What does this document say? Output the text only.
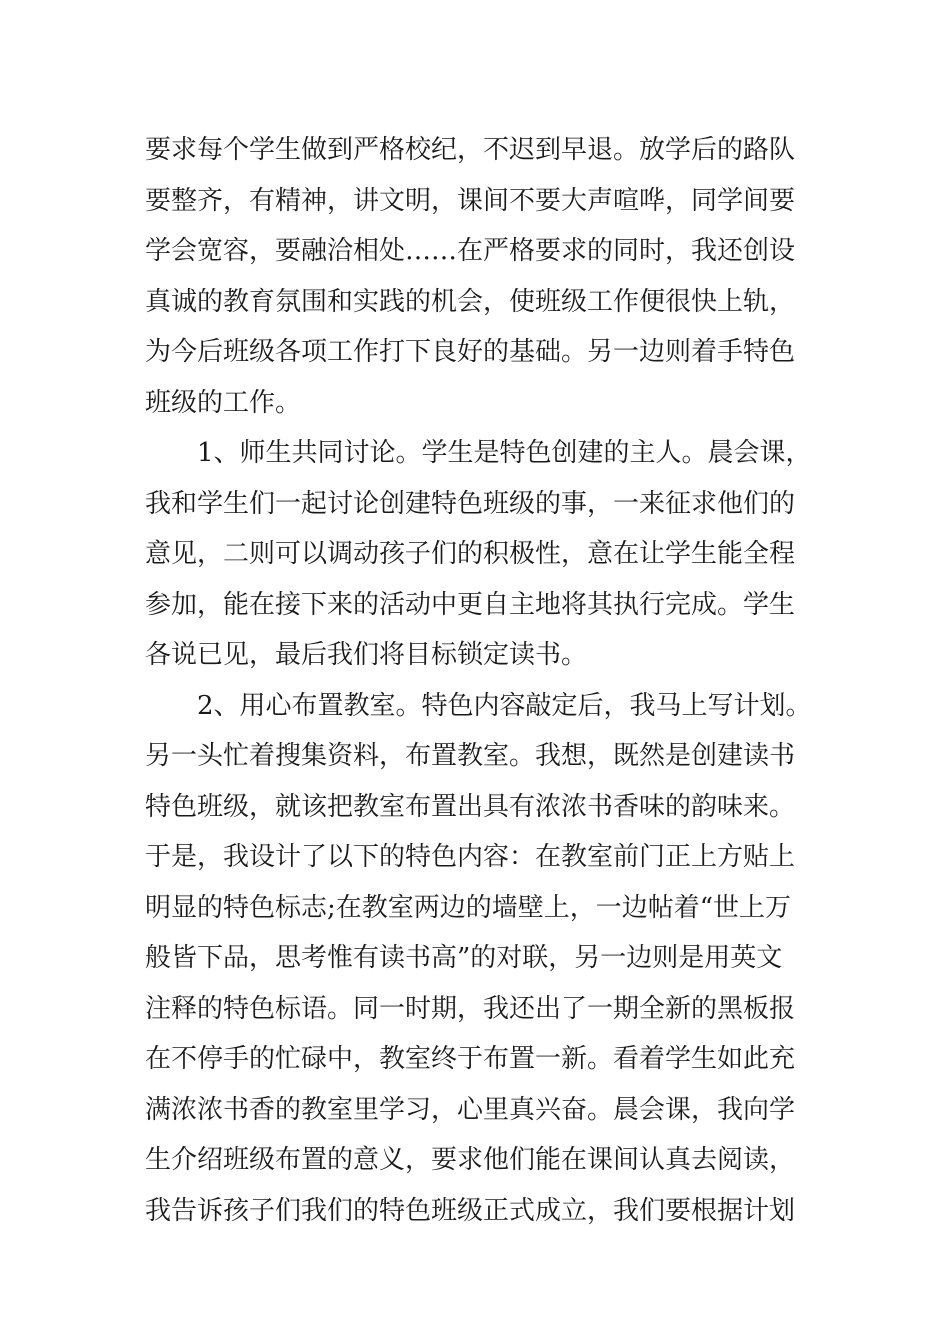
要求每个学生做到严格校纪，不迟到早退。放学后的路队
要整齐，有精神，讲文明，课间不要大声喧哗，同学间要
学会宽容，要融洽相处……在严格要求的同时，我还创设
真诚的教育氛围和实践的机会，使班级工作便很快上轨，
为今后班级各项工作打下良好的基础。另一边则着手特色
班级的工作。
1、师生共同讨论。学生是特色创建的主人。晨会课，
我和学生们一起讨论创建特色班级的事，一来征求他们的
意见，二则可以调动孩子们的积极性，意在让学生能全程
参加，能在接下来的活动中更自主地将其执行完成。学生
各说已见，最后我们将目标锁定读书。
2、用心布置教室。特色内容敲定后，我马上写计划。
另一头忙着搜集资料，布置教室。我想，既然是创建读书
特色班级，就该把教室布置出具有浓浓书香味的韵味来。
于是，我设计了以下的特色内容：在教室前门正上方贴上
明显的特色标志;在教室两边的墙壁上，一边帖着“世上万
般皆下品，思考惟有读书高”的对联，另一边则是用英文
注释的特色标语。同一时期，我还出了一期全新的黑板报
在不停手的忙碌中，教室终于布置一新。看着学生如此充
满浓浓书香的教室里学习，心里真兴奋。晨会课，我向学
生介绍班级布置的意义，要求他们能在课间认真去阅读，
我告诉孩子们我们的特色班级正式成立，我们要根据计划
